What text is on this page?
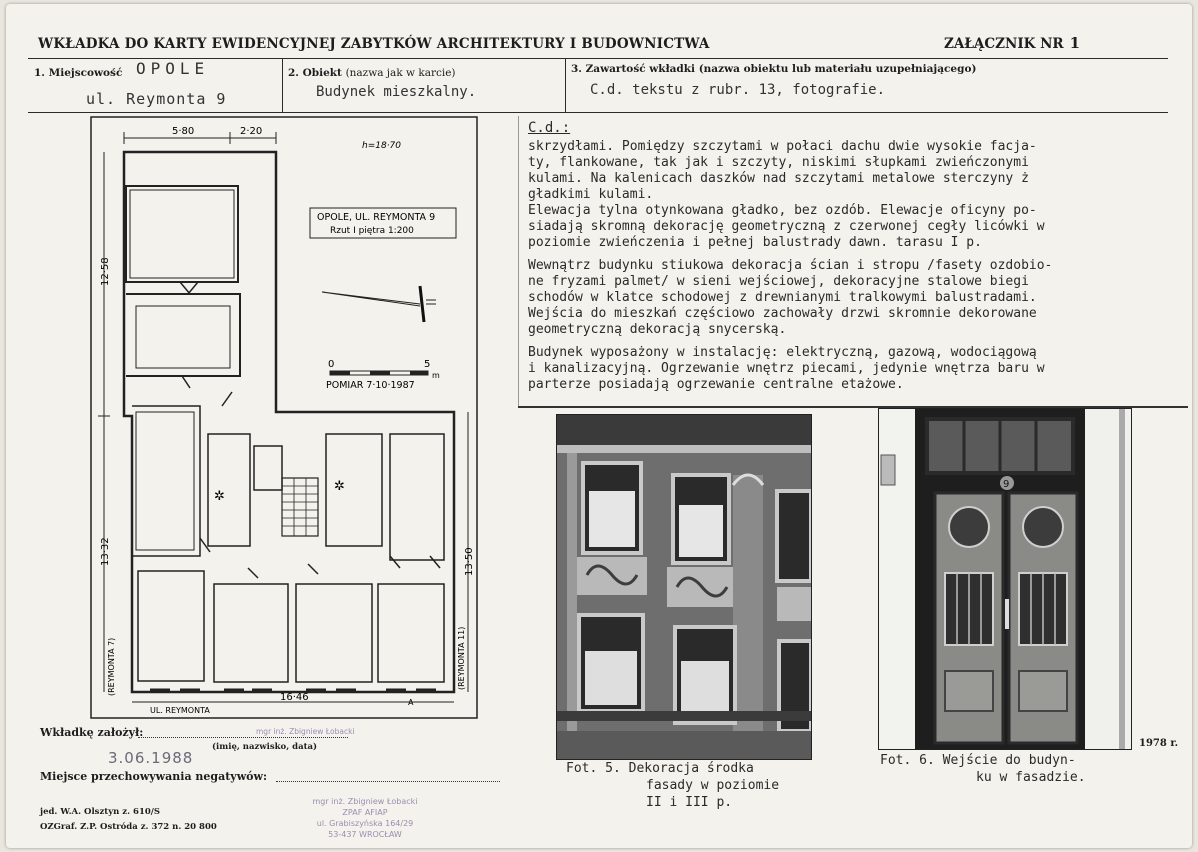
WKŁADKA DO KARTY EWIDENCYJNEJ ZABYTKÓW ARCHITEKTURY I BUDOWNICTWA	ZAŁĄCZNIK NR 1
1. Miejscowość OPOLE
ul. Reymonta 9
2. Obiekt (nazwa jak w karcie)
Budynek mieszkalny.
3. Zawartość wkładki (nazwa obiektu lub materiału uzupełniającego)
C.d. tekstu z rubr. 13, fotografie.
5·80	2·20
h=18·70
✲
✲
12·58
13·32	13·50
(REYMONTA 7)	(REYMONTA 11)
16·46
UL. REYMONTA
A
OPOLE, UL. REYMONTA 9
Rzut I piętra 1:200
0	5
m
POMIAR 7·10·1987
C.d.:
skrzydłami. Pomiędzy szczytami w połaci dachu dwie wysokie facja-
ty, flankowane, tak jak i szczyty, niskimi słupkami zwieńczonymi
kulami. Na kalenicach daszków nad szczytami metalowe sterczyny ż
gładkimi kulami.
Elewacja tylna otynkowana gładko, bez ozdób. Elewacje oficyny po-
siadają skromną dekorację geometryczną z czerwonej cegły licówki w
poziomie zwieńczenia i pełnej balustrady dawn. tarasu I p.
Wewnątrz budynku stiukowa dekoracja ścian i stropu /fasety ozdobio-
ne fryzami palmet/ w sieni wejściowej, dekoracyjne stalowe biegi
schodów w klatce schodowej z drewnianymi tralkowymi balustradami.
Wejścia do mieszkań częściowo zachowały drzwi skromnie dekorowane
geometryczną dekoracją snycerską.
Budynek wyposażony w instalację: elektryczną, gazową, wodociągową
i kanalizacyjną. Ogrzewanie wnętrz piecami, jedynie wnętrza baru w
parterze posiadają ogrzewanie centralne etażowe.
Fot. 5. Dekoracja środka
fasady w poziomie
II i III p.
9
1978 r.
Fot. 6. Wejście do budyn-
ku w fasadzie.
Wkładkę założył:	mgr inż. Zbigniew Łobacki
(imię, nazwisko, data)
3.06.1988
Miejsce przechowywania negatywów:
jed. W.A. Olsztyn z. 610/S
OZGraf. Z.P. Ostróda z. 372 n. 20 800
mgr inż. Zbigniew Łobacki
ZPAF AFIAP
ul. Grabiszyńska 164/29
53-437 WROCŁAW
